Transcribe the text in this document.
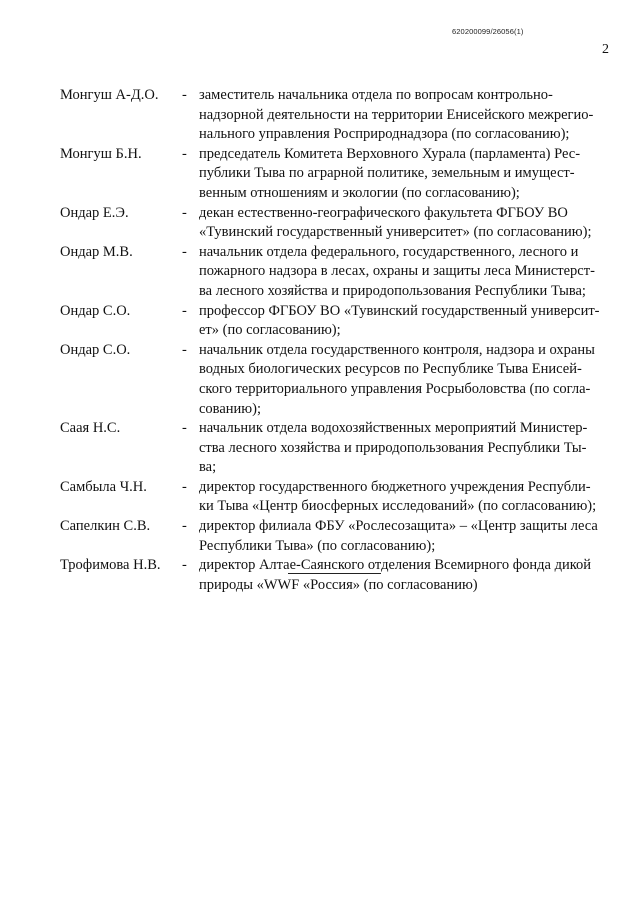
620200099/26056(1)
2
Монгуш А-Д.О. - заместитель начальника отдела по вопросам контрольно-
надзорной деятельности на территории Енисейского межрегио-
нального управления Росприроднадзора (по согласованию);
Монгуш Б.Н.	- председатель Комитета Верховного Хурала (парламента) Рес-
публики Тыва по аграрной политике, земельным и имущест-
венным отношениям и экологии (по согласованию);
Ондар Е.Э.	- декан естественно-географического факультета ФГБОУ ВО
«Тувинский государственный университет» (по согласованию);
Ондар М.В.	- начальник отдела федерального, государственного, лесного и
пожарного надзора в лесах, охраны и защиты леса Министерст-
ва лесного хозяйства и природопользования Республики Тыва;
Ондар С.О.	- профессор ФГБОУ ВО «Тувинский государственный университ-
ет» (по согласованию);
Ондар С.О.	- начальник отдела государственного контроля, надзора и охраны
водных биологических ресурсов по Республике Тыва Енисей-
ского территориального управления Росрыболовства (по согла-
сованию);
Саая Н.С.	- начальник отдела водохозяйственных мероприятий Министер-
ства лесного хозяйства и природопользования Республики Ты-
ва;
Самбыла Ч.Н. - директор государственного бюджетного учреждения Республи-
ки Тыва «Центр биосферных исследований» (по согласованию);
Сапелкин С.В. - директор филиала ФБУ «Рослесозащита» – «Центр защиты леса
Республики Тыва» (по согласованию);
Трофимова Н.В. - директор Алтае-Саянского отделения Всемирного фонда дикой
природы «WWF «Россия» (по согласованию)
